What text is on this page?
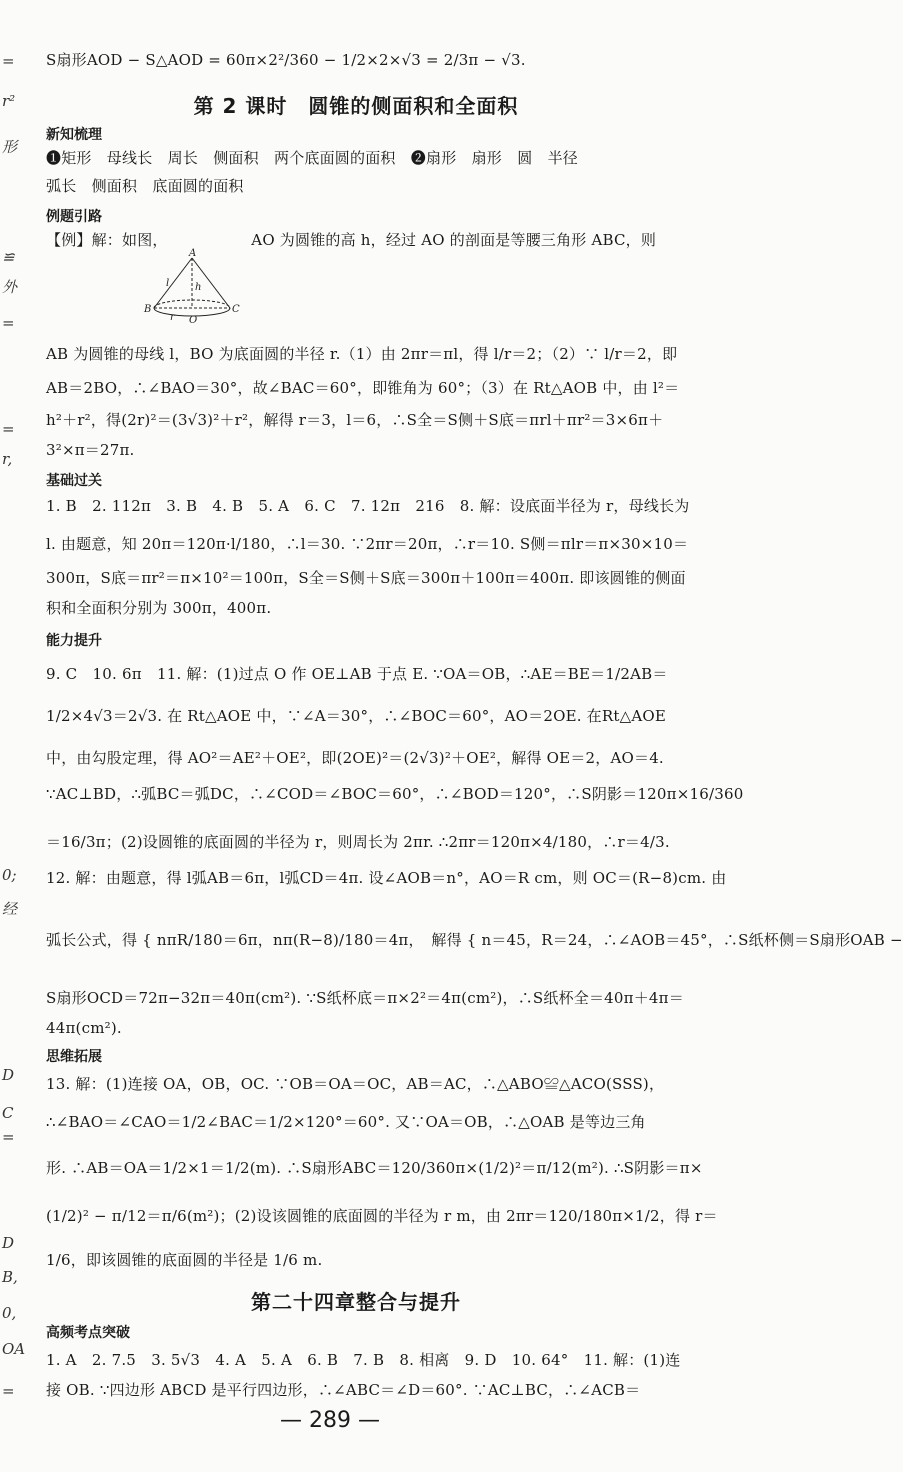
=
r²
形
≌
外
=
=
r,
0;
经
D
C
=
D
B,
0,
OA
=
S扇形AOD − S△AOD = 60π×2²/360 − 1/2×2×√3 = 2/3π − √3.
第 2 课时　圆锥的侧面积和全面积
新知梳理
❶矩形　母线长　周长　侧面积　两个底面圆的面积　❷扇形　扇形　圆　半径
弧长　侧面积　底面圆的面积
例题引路
【例】解：如图，　　　　　　AO 为圆锥的高 h，经过 AO 的剖面是等腰三角形 ABC，则
A
B	C
O
l	h
r
AB 为圆锥的母线 l，BO 为底面圆的半径 r.（1）由 2πr＝πl，得 l/r＝2；（2）∵ l/r＝2，即
AB＝2BO，∴∠BAO＝30°，故∠BAC＝60°，即锥角为 60°；（3）在 Rt△AOB 中，由 l²＝
h²＋r²，得(2r)²＝(3√3)²＋r²，解得 r＝3，l＝6，∴S全＝S侧＋S底＝πrl＋πr²＝3×6π＋
3²×π＝27π.
基础过关
1. B　2. 112π　3. B　4. B　5. A　6. C　7. 12π　216　8. 解：设底面半径为 r，母线长为
l. 由题意，知 20π＝120π·l/180，∴l＝30. ∵2πr＝20π，∴r＝10. S侧＝πlr＝π×30×10＝
300π，S底＝πr²＝π×10²＝100π，S全＝S侧＋S底＝300π＋100π＝400π. 即该圆锥的侧面
积和全面积分别为 300π，400π.
能力提升
9. C　10. 6π　11. 解：(1)过点 O 作 OE⊥AB 于点 E. ∵OA＝OB，∴AE＝BE＝1/2AB＝
1/2×4√3＝2√3. 在 Rt△AOE 中，∵∠A＝30°，∴∠BOC＝60°，AO＝2OE. 在Rt△AOE
中，由勾股定理，得 AO²＝AE²＋OE²，即(2OE)²＝(2√3)²＋OE²，解得 OE＝2，AO＝4.
∵AC⊥BD，∴弧BC＝弧DC，∴∠COD＝∠BOC＝60°，∴∠BOD＝120°，∴S阴影＝120π×16/360
＝16/3π；(2)设圆锥的底面圆的半径为 r，则周长为 2πr. ∴2πr＝120π×4/180，∴r＝4/3.
12. 解：由题意，得 l弧AB＝6π，l弧CD＝4π. 设∠AOB＝n°，AO＝R cm，则 OC＝(R−8)cm. 由
弧长公式，得 { nπR/180＝6π，nπ(R−8)/180＝4π，　解得 { n＝45，R＝24，∴∠AOB＝45°，∴S纸杯侧＝S扇形OAB −
S扇形OCD＝72π−32π＝40π(cm²). ∵S纸杯底＝π×2²＝4π(cm²)，∴S纸杯全＝40π＋4π＝
44π(cm²).
思维拓展
13. 解：(1)连接 OA，OB，OC. ∵OB＝OA＝OC，AB＝AC，∴△ABO≌△ACO(SSS)，
∴∠BAO＝∠CAO＝1/2∠BAC＝1/2×120°＝60°. 又∵OA＝OB，∴△OAB 是等边三角
形. ∴AB＝OA＝1/2×1＝1/2(m). ∴S扇形ABC＝120/360π×(1/2)²＝π/12(m²). ∴S阴影＝π×
(1/2)² − π/12＝π/6(m²)；(2)设该圆锥的底面圆的半径为 r m，由 2πr＝120/180π×1/2，得 r＝
1/6，即该圆锥的底面圆的半径是 1/6 m.
第二十四章整合与提升
高频考点突破
1. A　2. 7.5　3. 5√3　4. A　5. A　6. B　7. B　8. 相离　9. D　10. 64°　11. 解：(1)连
接 OB. ∵四边形 ABCD 是平行四边形，∴∠ABC＝∠D＝60°. ∵AC⊥BC，∴∠ACB＝
— 289 —
